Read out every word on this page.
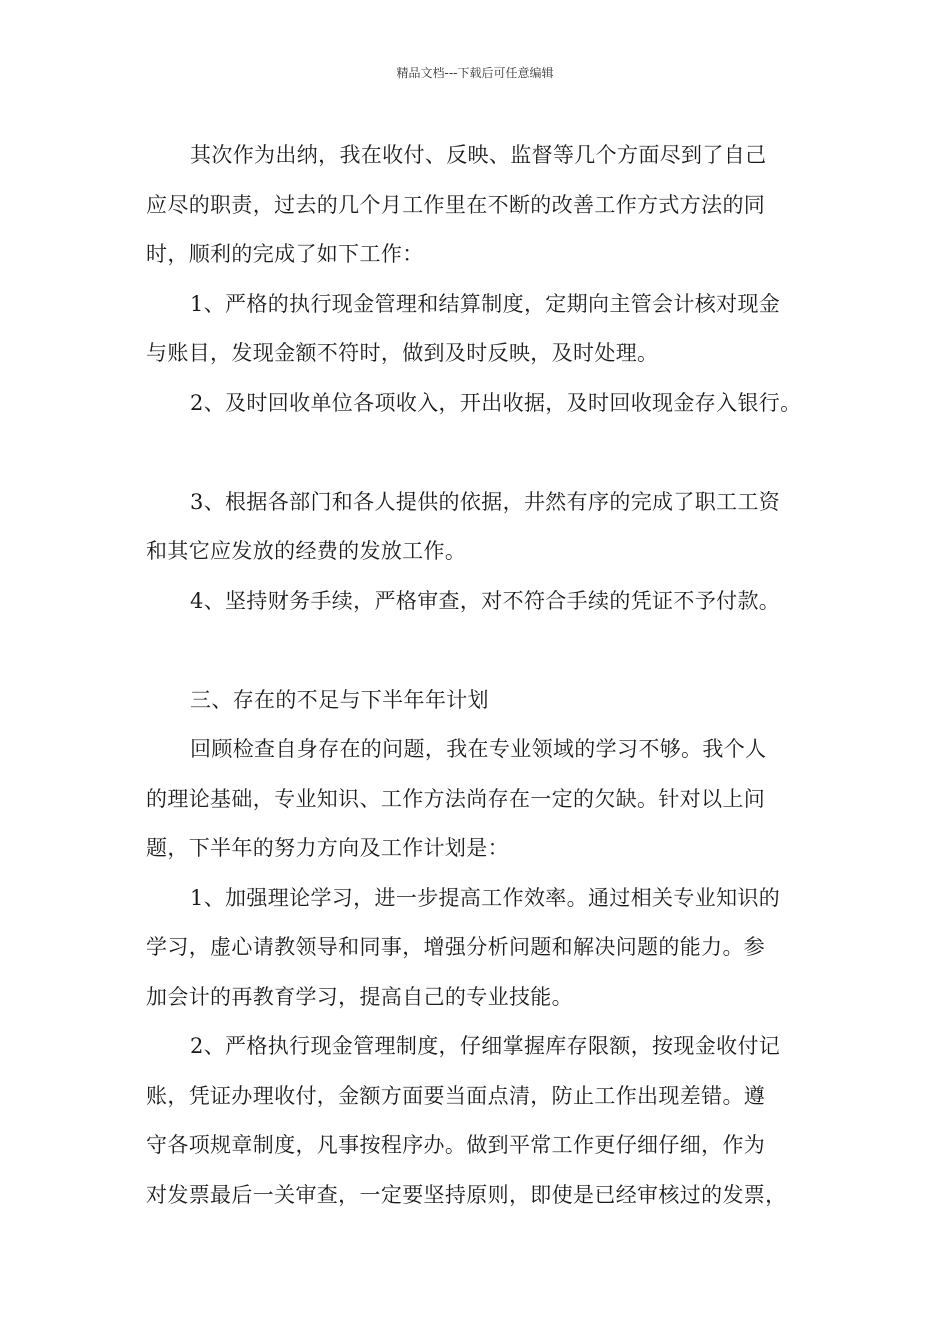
精品文档---下载后可任意编辑

其次作为出纳，我在收付、反映、监督等几个方面尽到了自己

应尽的职责，过去的几个月工作里在不断的改善工作方式方法的同

时，顺利的完成了如下工作：

1、严格的执行现金管理和结算制度，定期向主管会计核对现金

与账目，发现金额不符时，做到及时反映，及时处理。

2、及时回收单位各项收入，开出收据，及时回收现金存入银行。

3、根据各部门和各人提供的依据，井然有序的完成了职工工资

和其它应发放的经费的发放工作。

4、坚持财务手续，严格审查，对不符合手续的凭证不予付款。

三、存在的不足与下半年年计划

回顾检查自身存在的问题，我在专业领域的学习不够。我个人

的理论基础，专业知识、工作方法尚存在一定的欠缺。针对以上问

题，下半年的努力方向及工作计划是：

1、加强理论学习，进一步提高工作效率。通过相关专业知识的

学习，虚心请教领导和同事，增强分析问题和解决问题的能力。参

加会计的再教育学习，提高自己的专业技能。

2、严格执行现金管理制度，仔细掌握库存限额，按现金收付记

账，凭证办理收付，金额方面要当面点清，防止工作出现差错。遵

守各项规章制度，凡事按程序办。做到平常工作更仔细仔细，作为

对发票最后一关审查，一定要坚持原则，即使是已经审核过的发票，
